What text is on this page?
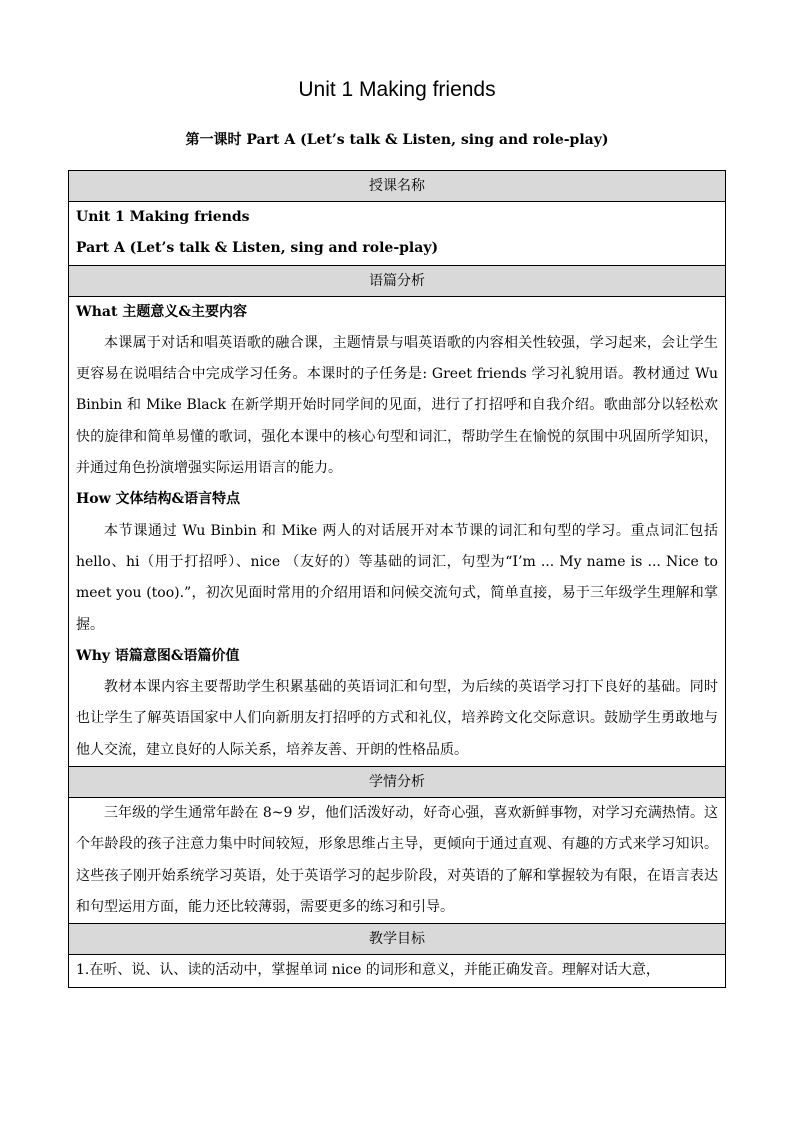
Unit 1 Making friends
第一课时 Part A (Let’s talk & Listen, sing and role-play)
授课名称

Unit 1 Making friends
Part A (Let’s talk & Listen, sing and role-play)

语篇分析

What 主题意义&主要内容

本课属于对话和唱英语歌的融合课，主题情景与唱英语歌的内容相关性较强，学习起来，会让学生更容易在说唱结合中完成学习任务。本课时的子任务是: Greet friends 学习礼貌用语。教材通过 Wu Binbin 和 Mike Black 在新学期开始时同学间的见面，进行了打招呼和自我介绍。歌曲部分以轻松欢快的旋律和简单易懂的歌词，强化本课中的核心句型和词汇，帮助学生在愉悦的氛围中巩固所学知识，并通过角色扮演增强实际运用语言的能力。

How 文体结构&语言特点

本节课通过 Wu Binbin 和 Mike 两人的对话展开对本节课的词汇和句型的学习。重点词汇包括 hello、hi（用于打招呼）、nice （友好的）等基础的词汇，句型为“I’m ... My name is ... Nice to meet you (too).”，初次见面时常用的介绍用语和问候交流句式，简单直接，易于三年级学生理解和掌握。

Why 语篇意图&语篇价值

教材本课内容主要帮助学生积累基础的英语词汇和句型，为后续的英语学习打下良好的基础。同时也让学生了解英语国家中人们向新朋友打招呼的方式和礼仪，培养跨文化交际意识。鼓励学生勇敢地与他人交流，建立良好的人际关系，培养友善、开朗的性格品质。

学情分析

三年级的学生通常年龄在 8~9 岁，他们活泼好动，好奇心强，喜欢新鲜事物，对学习充满热情。这个年龄段的孩子注意力集中时间较短，形象思维占主导，更倾向于通过直观、有趣的方式来学习知识。这些孩子刚开始系统学习英语，处于英语学习的起步阶段，对英语的了解和掌握较为有限，在语言表达和句型运用方面，能力还比较薄弱，需要更多的练习和引导。

教学目标

1.在听、说、认、读的活动中，掌握单词 nice 的词形和意义，并能正确发音。理解对话大意，
